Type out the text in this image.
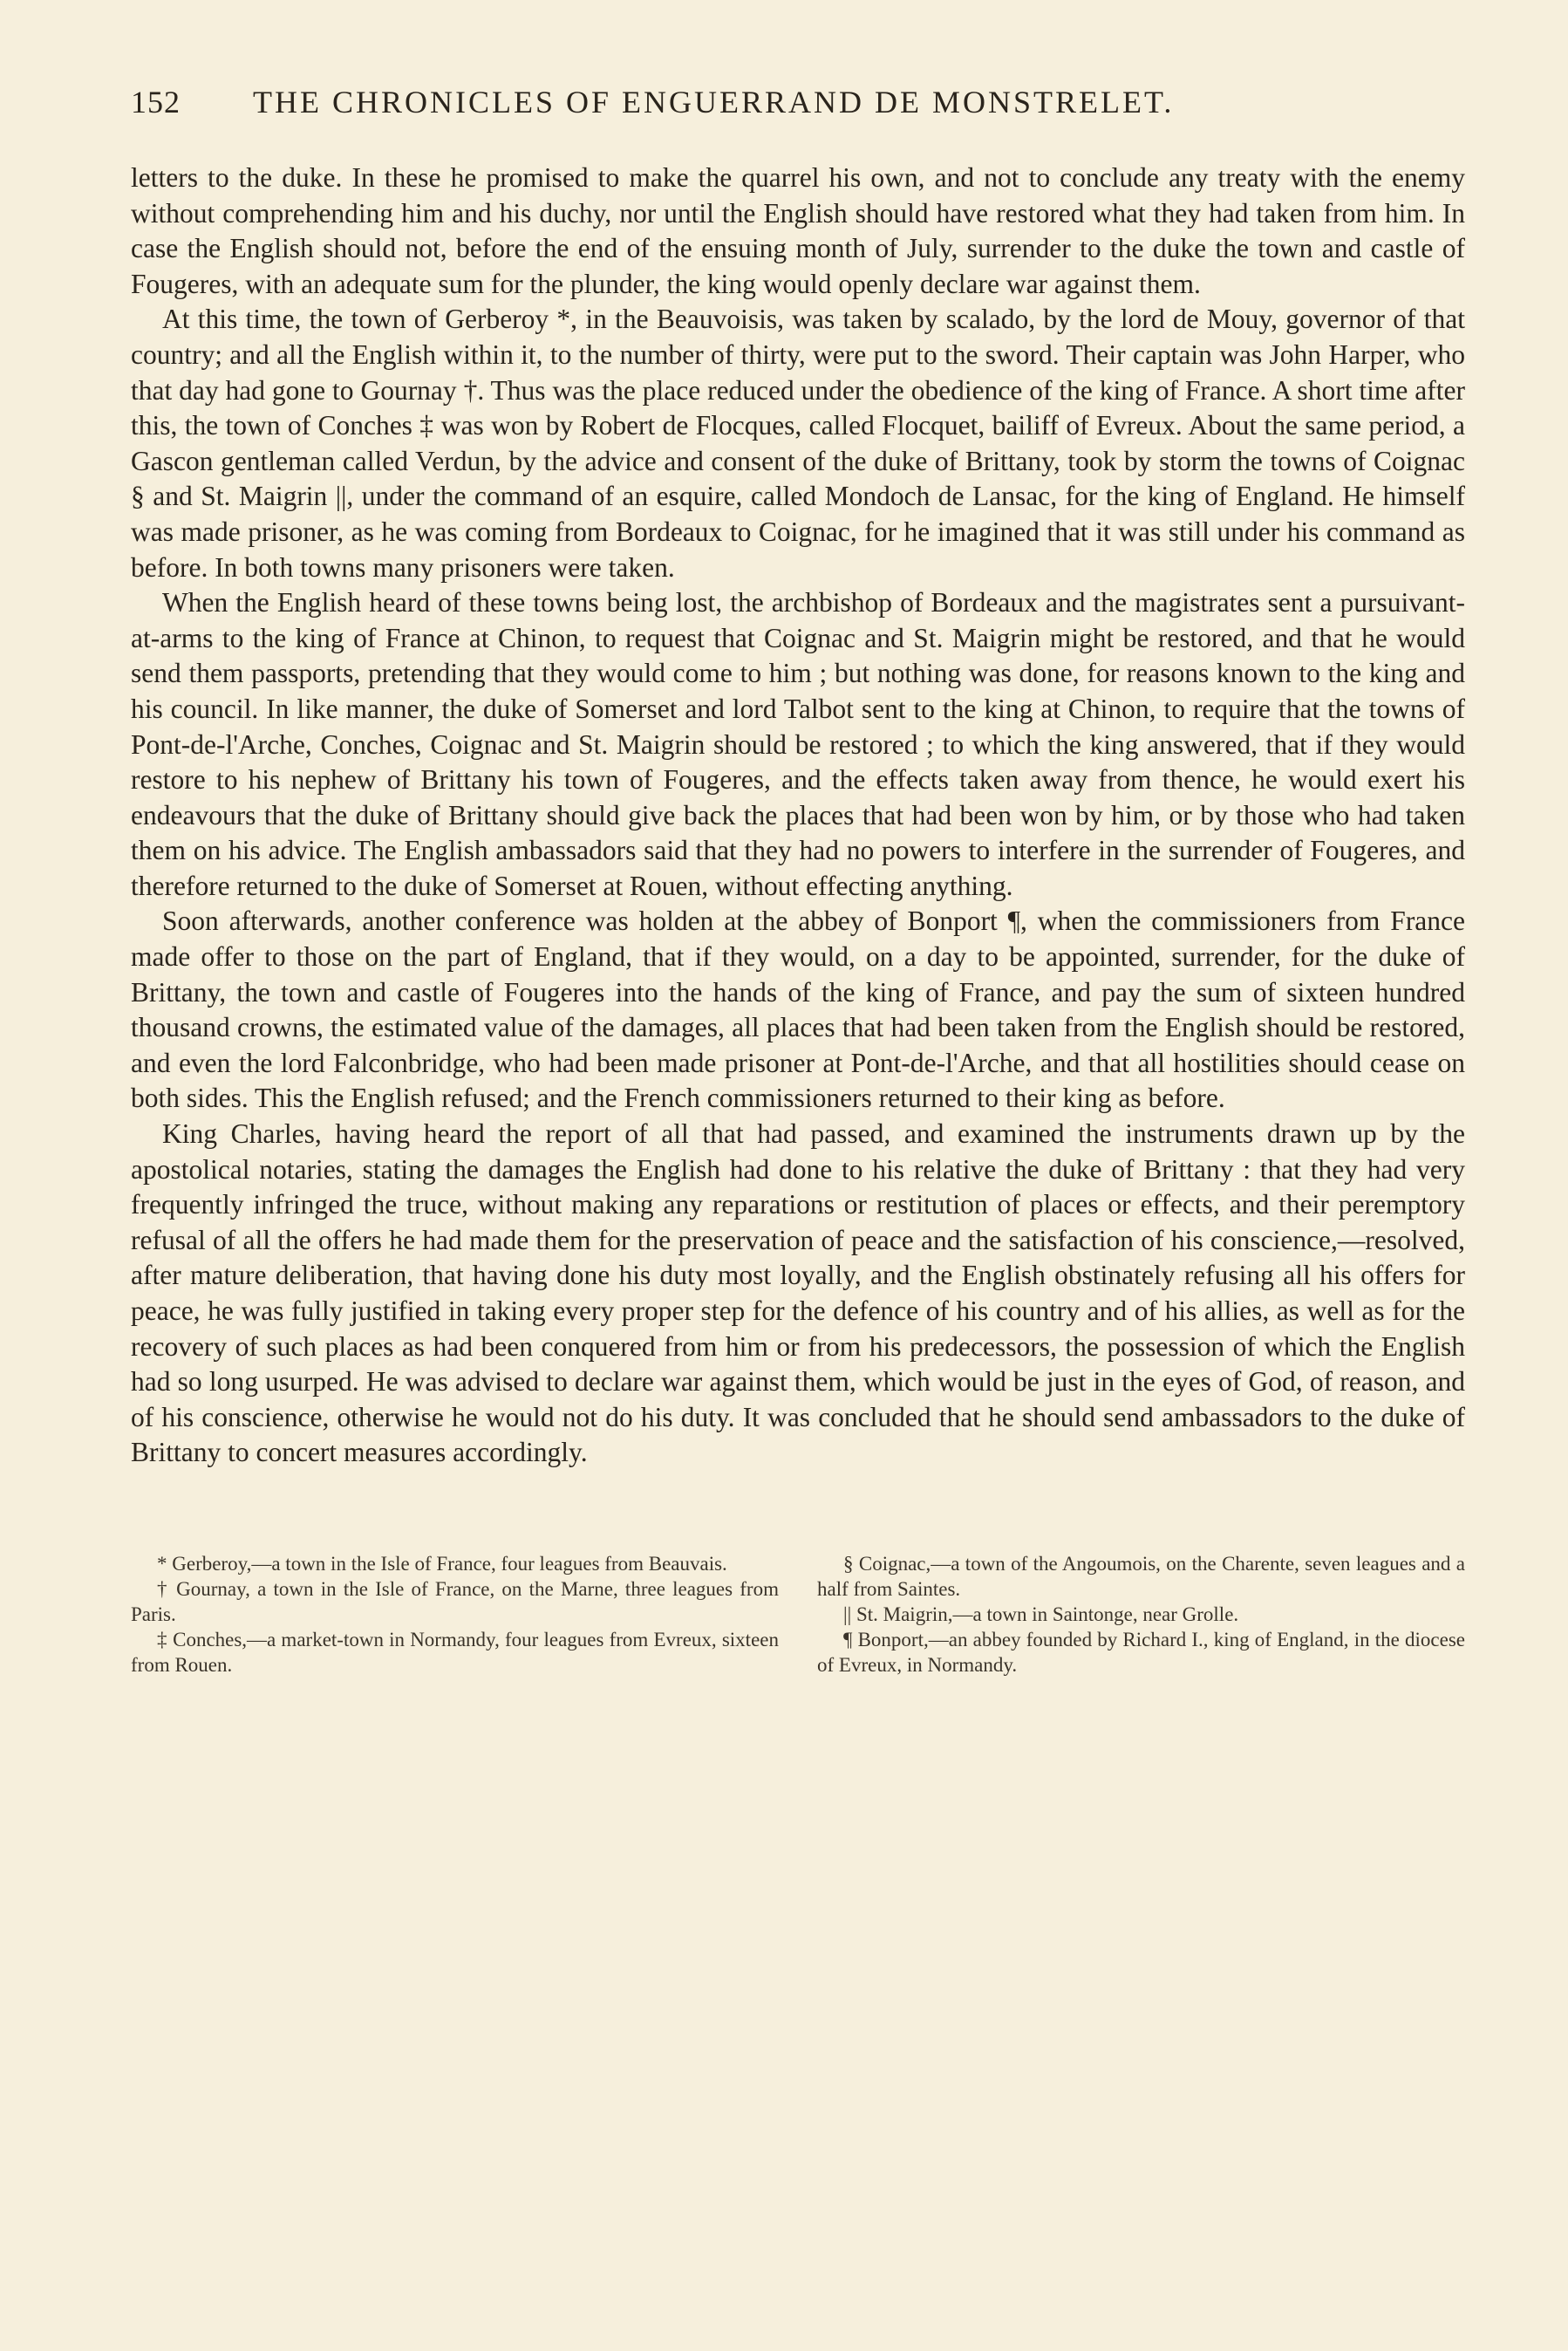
152	THE CHRONICLES OF ENGUERRAND DE MONSTRELET.

letters to the duke. In these he promised to make the quarrel his own, and not to conclude any treaty with the enemy without comprehending him and his duchy, nor until the English should have restored what they had taken from him. In case the English should not, before the end of the ensuing month of July, surrender to the duke the town and castle of Fougeres, with an adequate sum for the plunder, the king would openly declare war against them.

At this time, the town of Gerberoy *, in the Beauvoisis, was taken by scalado, by the lord de Mouy, governor of that country; and all the English within it, to the number of thirty, were put to the sword. Their captain was John Harper, who that day had gone to Gournay †. Thus was the place reduced under the obedience of the king of France. A short time after this, the town of Conches ‡ was won by Robert de Flocques, called Flocquet, bailiff of Evreux. About the same period, a Gascon gentleman called Verdun, by the advice and consent of the duke of Brittany, took by storm the towns of Coignac § and St. Maigrin ||, under the command of an esquire, called Mondoch de Lansac, for the king of England. He himself was made prisoner, as he was coming from Bordeaux to Coignac, for he imagined that it was still under his command as before. In both towns many prisoners were taken.

When the English heard of these towns being lost, the archbishop of Bordeaux and the magistrates sent a pursuivant-at-arms to the king of France at Chinon, to request that Coignac and St. Maigrin might be restored, and that he would send them passports, pretending that they would come to him ; but nothing was done, for reasons known to the king and his council. In like manner, the duke of Somerset and lord Talbot sent to the king at Chinon, to require that the towns of Pont-de-l'Arche, Conches, Coignac and St. Maigrin should be restored ; to which the king answered, that if they would restore to his nephew of Brittany his town of Fougeres, and the effects taken away from thence, he would exert his endeavours that the duke of Brittany should give back the places that had been won by him, or by those who had taken them on his advice. The English ambassadors said that they had no powers to interfere in the surrender of Fougeres, and therefore returned to the duke of Somerset at Rouen, without effecting anything.

Soon afterwards, another conference was holden at the abbey of Bonport ¶, when the commissioners from France made offer to those on the part of England, that if they would, on a day to be appointed, surrender, for the duke of Brittany, the town and castle of Fougeres into the hands of the king of France, and pay the sum of sixteen hundred thousand crowns, the estimated value of the damages, all places that had been taken from the English should be restored, and even the lord Falconbridge, who had been made prisoner at Pont-de-l'Arche, and that all hostilities should cease on both sides. This the English refused; and the French commissioners returned to their king as before.

King Charles, having heard the report of all that had passed, and examined the instruments drawn up by the apostolical notaries, stating the damages the English had done to his relative the duke of Brittany : that they had very frequently infringed the truce, without making any reparations or restitution of places or effects, and their peremptory refusal of all the offers he had made them for the preservation of peace and the satisfaction of his conscience,—resolved, after mature deliberation, that having done his duty most loyally, and the English obstinately refusing all his offers for peace, he was fully justified in taking every proper step for the defence of his country and of his allies, as well as for the recovery of such places as had been conquered from him or from his predecessors, the possession of which the English had so long usurped. He was advised to declare war against them, which would be just in the eyes of God, of reason, and of his conscience, otherwise he would not do his duty. It was concluded that he should send ambassadors to the duke of Brittany to concert measures accordingly.

* Gerberoy,—a town in the Isle of France, four leagues from Beauvais.

† Gournay, a town in the Isle of France, on the Marne, three leagues from Paris.

‡ Conches,—a market-town in Normandy, four leagues from Evreux, sixteen from Rouen.

§ Coignac,—a town of the Angoumois, on the Charente, seven leagues and a half from Saintes.

|| St. Maigrin,—a town in Saintonge, near Grolle.

¶ Bonport,—an abbey founded by Richard I., king of England, in the diocese of Evreux, in Normandy.
